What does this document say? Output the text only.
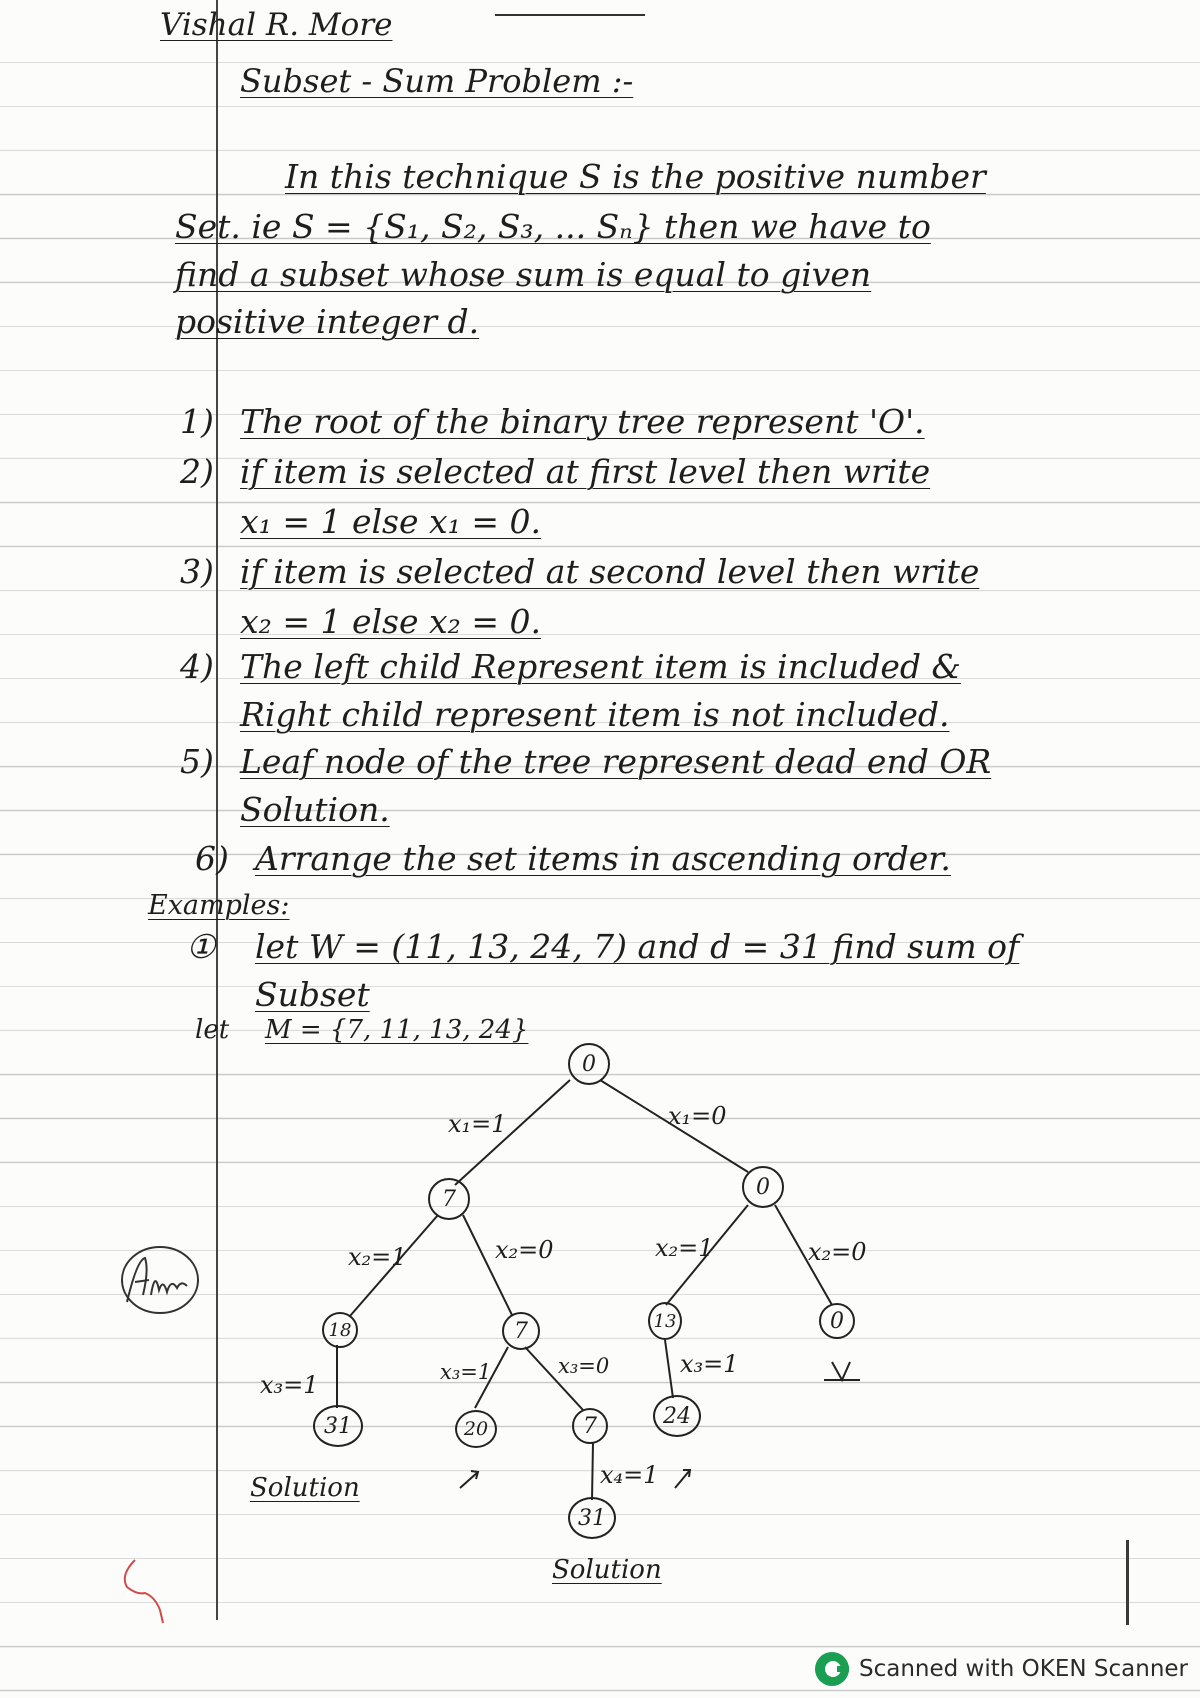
Vishal R. More
Subset - Sum Problem :-
In this technique S is the positive number
Set. ie S = {S₁, S₂, S₃, ... Sₙ} then we have to
find a subset whose sum is equal to given
positive integer d.
1) The root of the binary tree represent 'O'.
2) if item is selected at first level then write
x₁ = 1 else x₁ = 0.
3) if item is selected at second level then write
x₂ = 1 else x₂ = 0.
4) The left child Represent item is included &
Right child represent item is not included.
5) Leaf node of the tree represent dead end OR
Solution.
6) Arrange the set items in ascending order.
Examples:
① let W = (11, 13, 24, 7) and d = 31 find sum of
Subset
let M = {7, 11, 13, 24}
0
7	0
18	7	13	0
31	20	7	24
31
x₁=1	x₁=0
x₂=1	x₂=0	x₂=1	x₂=0
x₃=1	x₃=1	x₃=0	x₃=1
x₄=1
Solution
Solution
Scanned with OKEN Scanner
